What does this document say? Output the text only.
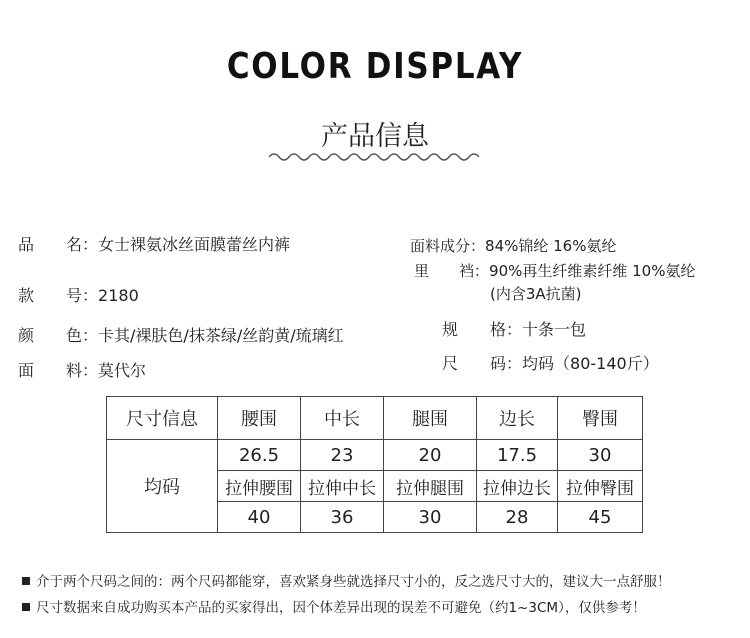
COLOR DISPLAY
产品信息
品　　名：女士裸氨冰丝面膜蕾丝内裤
款　　号：2180
颜　　色：卡其/裸肤色/抹茶绿/丝韵黄/琉璃红
面　　料：莫代尔
面料成分：84%锦纶 16%氨纶
里　　裆：90%再生纤维素纤维 10%氨纶
(内含3A抗菌)
规　　格：十条一包
尺　　码：均码（80-140斤）
尺寸信息	腰围	中长	腿围	边长	臀围
均码	26.5	23	20	17.5	30
	拉伸腰围	拉伸中长	拉伸腿围	拉伸边长	拉伸臀围
	40	36	30	28	45
介于两个尺码之间的：两个尺码都能穿，喜欢紧身些就选择尺寸小的，反之选尺寸大的，建议大一点舒服！
尺寸数据来自成功购买本产品的买家得出，因个体差异出现的误差不可避免（约1~3CM），仅供参考！
